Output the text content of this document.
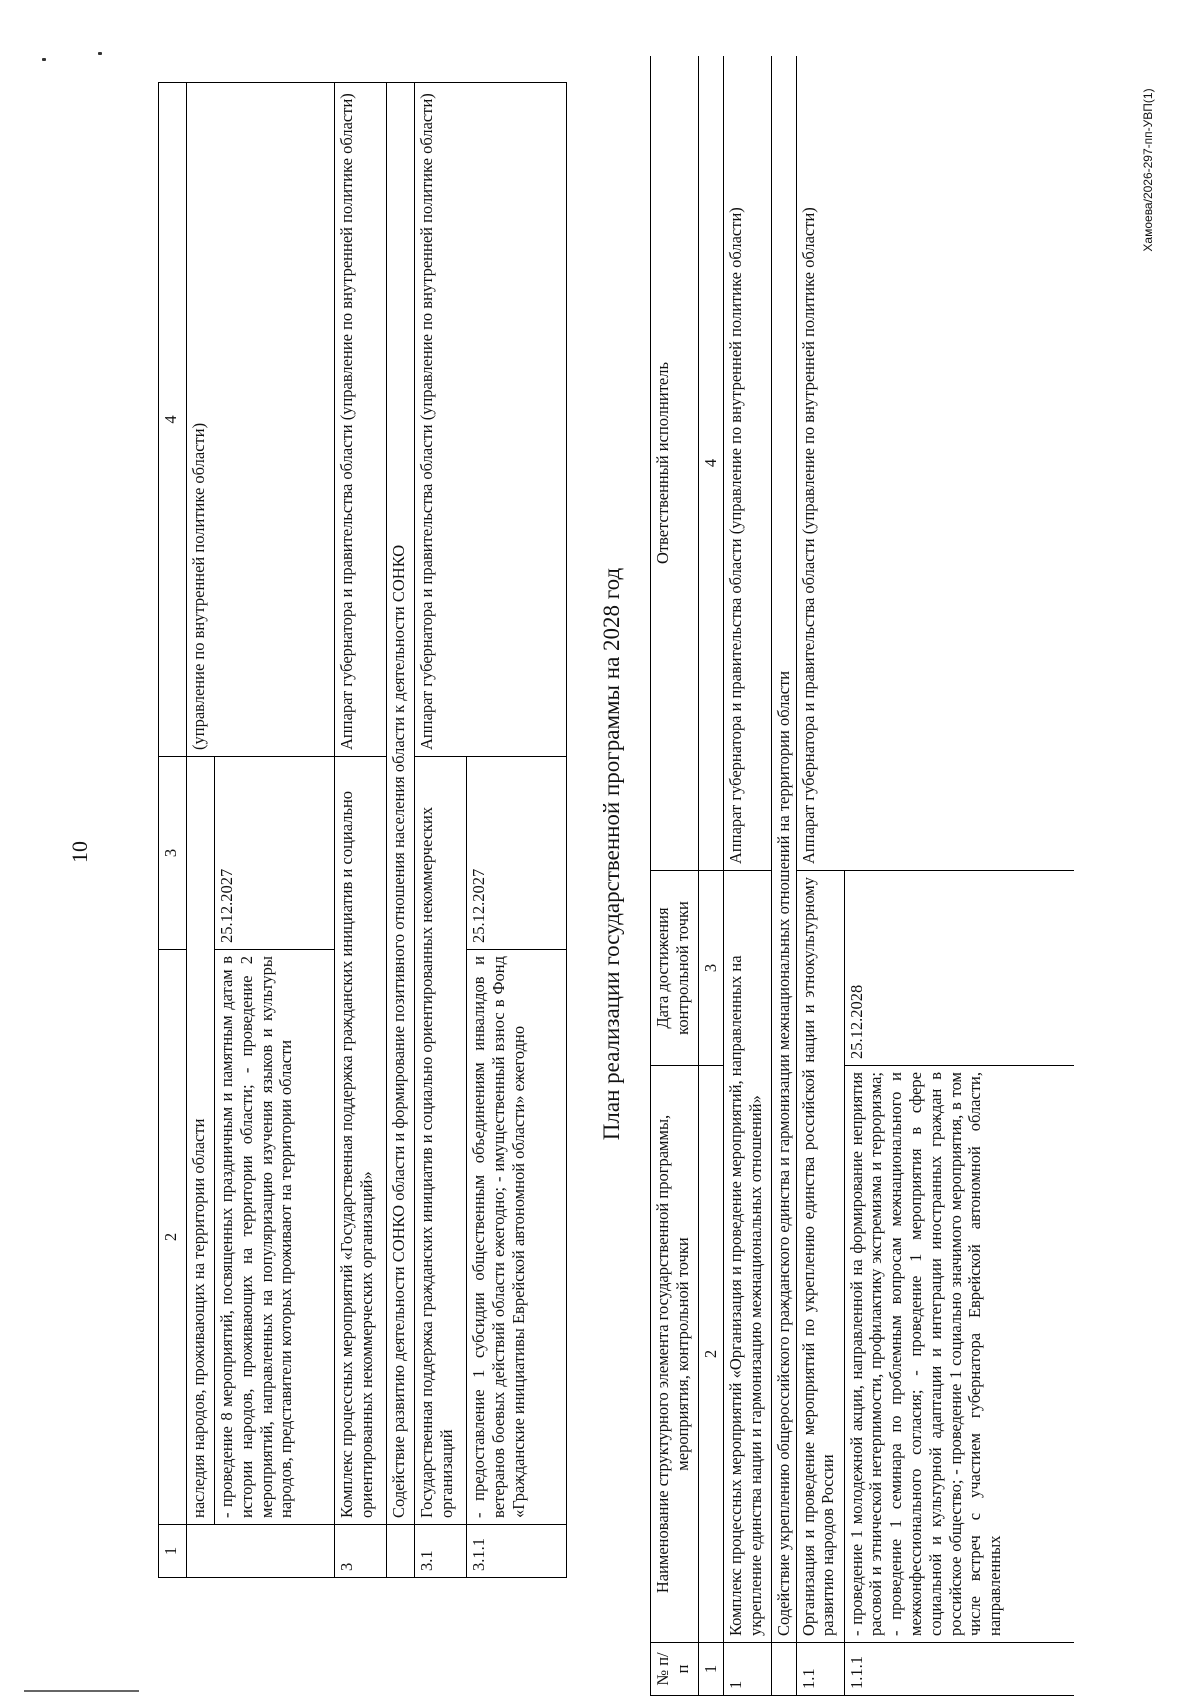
10	План реализации государственной программы на 2028 год
Хамоева/2026-297-пп-УВП(1)
1	2	3	4
	наследия народов, проживающих на территории области		(управление по внутренней политике области)
	- проведение 8 мероприятий, посвященных праздничным и памятным датам в истории народов, проживающих на территории области; - проведение 2 мероприятий, направленных на популяризацию изучения языков и культуры народов, представители которых проживают на территории области	25.12.2027	
3	Комплекс процессных мероприятий «Государственная поддержка гражданских инициатив и социально ориентированных некоммерческих организаций»		Аппарат губернатора и правительства области (управление по внутренней политике области)
	Содействие развитию деятельности СОНКО области и формирование позитивного отношения населения области к деятельности СОНКО		
3.1	Государственная поддержка гражданских инициатив и социально ориентированных некоммерческих организаций		Аппарат губернатора и правительства области (управление по внутренней политике области)
3.1.1	- предоставление 1 субсидии общественным объединениям инвалидов и ветеранов боевых действий области ежегодно; - имущественный взнос в Фонд «Гражданские инициативы Еврейской автономной области» ежегодно	25.12.2027	
№ п/п	Наименование структурного элемента государственной программы, мероприятия, контрольной точки	Дата достижения контрольной точки	Ответственный исполнитель
1	2	3	4
1	Комплекс процессных мероприятий «Организация и проведение мероприятий, направленных на укрепление единства нации и гармонизацию межнациональных отношений»		Аппарат губернатора и правительства области (управление по внутренней политике области)
	Содействие укреплению общероссийского гражданского единства и гармонизации межнациональных отношений на территории области		
1.1	Организация и проведение мероприятий по укреплению единства российской нации и этнокультурному развитию народов России		Аппарат губернатора и правительства области (управление по внутренней политике области)
1.1.1	- проведение 1 молодежной акции, направленной на формирование неприятия расовой и этнической нетерпимости, профилактику экстремизма и терроризма; - проведение 1 семинара по проблемным вопросам межнационального и межконфессионального согласия; - проведение 1 мероприятия в сфере социальной и культурной адаптации и интеграции иностранных граждан в российское общество; - проведение 1 социально значимого мероприятия, в том числе встреч с участием губернатора Еврейской автономной области, направленных	25.12.2028	
